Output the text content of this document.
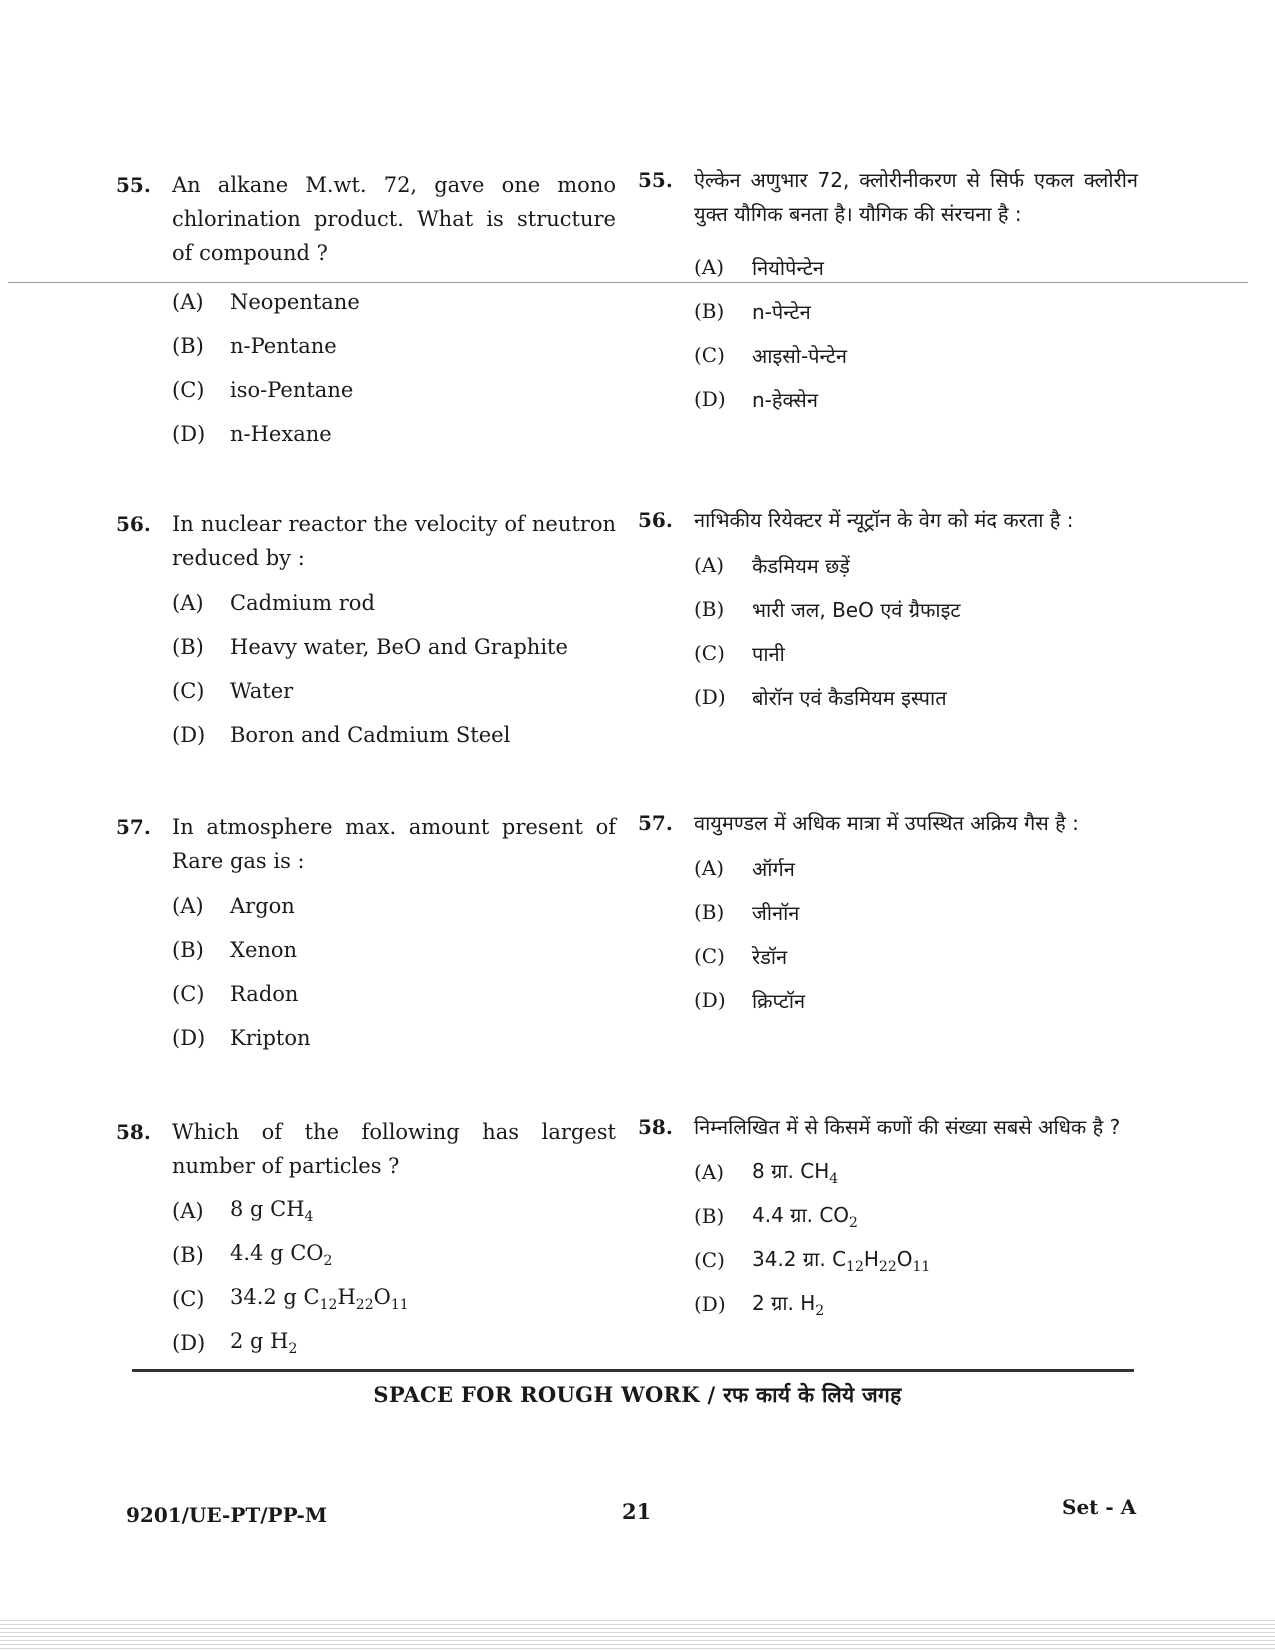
55. An alkane M.wt. 72, gave one mono chlorination product. What is structure of compound ?
(A)	Neopentane
(B)	n-Pentane
(C)	iso-Pentane
(D)	n-Hexane
56. In nuclear reactor the velocity of neutron reduced by :
(A)	Cadmium rod
(B)	Heavy water, BeO and Graphite
(C)	Water
(D)	Boron and Cadmium Steel
57. In atmosphere max. amount present of Rare gas is :
(A)	Argon
(B)	Xenon
(C)	Radon
(D)	Kripton
58. Which of the following has largest number of particles ?
(A)	8 g $CH_4$
(B)	4.4 g $CO_2$
(C)	34.2 g $C_{12}H_{22}O_{11}$
(D)	2 g $H_2$
55. ऐल्केन अणुभार 72, क्लोरीनीकरण से सिर्फ एकल क्लोरीन युक्त यौगिक बनता है। यौगिक की संरचना है :
(A)	नियोपेन्टेन
(B)	n-पेन्टेन
(C)	आइसो-पेन्टेन
(D)	n-हेक्सेन
56. नाभिकीय रियेक्टर में न्यूट्रॉन के वेग को मंद करता है :
(A)	कैडमियम छड़ें
(B)	भारी जल, BeO एवं ग्रैफाइट
(C)	पानी
(D)	बोरॉन एवं कैडमियम इस्पात
57. वायुमण्डल में अधिक मात्रा में उपस्थित अक्रिय गैस है :
(A)	ऑर्गन
(B)	जीनॉन
(C)	रेडॉन
(D)	क्रिप्टॉन
58. निम्नलिखित में से किसमें कणों की संख्या सबसे अधिक है ?
(A)	8 ग्रा. $CH_4$
(B)	4.4 ग्रा. $CO_2$
(C)	34.2 ग्रा. $C_{12}H_{22}O_{11}$
(D)	2 ग्रा. $H_2$
SPACE FOR ROUGH WORK / रफ कार्य के लिये जगह
9201/UE-PT/PP-M	21	Set - A
